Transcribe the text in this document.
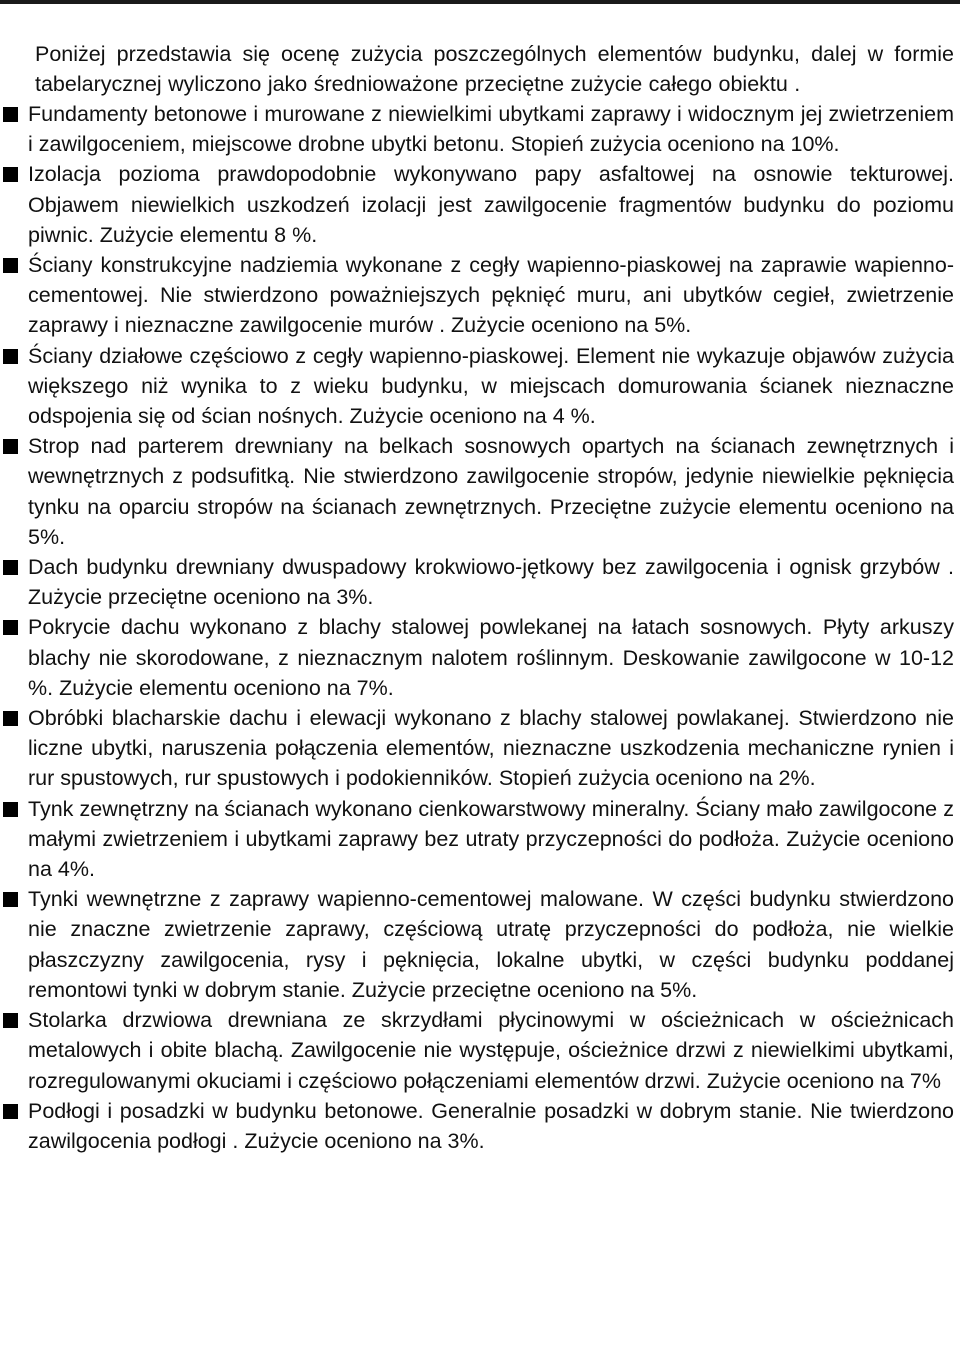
Poniżej przedstawia się ocenę zużycia poszczególnych elementów budynku, dalej w formie tabelarycznej wyliczono jako średnioważone przeciętne zużycie całego obiektu .

Fundamenty betonowe i murowane z niewielkimi ubytkami zaprawy i widocznym jej zwietrzeniem i zawilgoceniem, miejscowe drobne ubytki betonu. Stopień zużycia oceniono na 10%.
Izolacja pozioma prawdopodobnie wykonywano papy asfaltowej na osnowie tekturowej. Objawem niewielkich uszkodzeń izolacji jest zawilgocenie fragmentów budynku do poziomu piwnic. Zużycie elementu 8 %.
Ściany konstrukcyjne nadziemia wykonane z cegły wapienno-piaskowej na zaprawie wapienno-cementowej. Nie stwierdzono poważniejszych pęknięć muru, ani ubytków cegieł, zwietrzenie zaprawy i nieznaczne zawilgocenie murów . Zużycie oceniono na 5%.
Ściany działowe częściowo z cegły wapienno-piaskowej. Element nie wykazuje objawów zużycia większego niż wynika to z wieku budynku, w miejscach domurowania ścianek nieznaczne odspojenia się od ścian nośnych. Zużycie oceniono na 4 %.
Strop nad parterem drewniany na belkach sosnowych opartych na ścianach zewnętrznych i wewnętrznych z podsufitką. Nie stwierdzono zawilgocenie stropów, jedynie niewielkie pęknięcia tynku na oparciu stropów na ścianach zewnętrznych. Przeciętne zużycie elementu oceniono na 5%.
Dach budynku drewniany dwuspadowy krokwiowo-jętkowy bez zawilgocenia i ognisk grzybów . Zużycie przeciętne oceniono na 3%.
Pokrycie dachu wykonano z blachy stalowej powlekanej na łatach sosnowych. Płyty arkuszy blachy nie skorodowane, z nieznacznym nalotem roślinnym. Deskowanie zawilgocone w 10-12 %. Zużycie elementu oceniono na 7%.
Obróbki blacharskie dachu i elewacji wykonano z blachy stalowej powlakanej. Stwierdzono nie liczne ubytki, naruszenia połączenia elementów, nieznaczne uszkodzenia mechaniczne rynien i rur spustowych, rur spustowych i podokienników. Stopień zużycia oceniono na 2%.
Tynk zewnętrzny na ścianach wykonano cienkowarstwowy mineralny. Ściany mało zawilgocone z małymi zwietrzeniem i ubytkami zaprawy bez utraty przyczepności do podłoża. Zużycie oceniono na 4%.
Tynki wewnętrzne z zaprawy wapienno-cementowej malowane. W części budynku stwierdzono nie znaczne zwietrzenie zaprawy, częściową utratę przyczepności do podłoża, nie wielkie płaszczyzny zawilgocenia, rysy i pęknięcia, lokalne ubytki, w części budynku poddanej remontowi tynki w dobrym stanie. Zużycie przeciętne oceniono na 5%.
Stolarka drzwiowa drewniana ze skrzydłami płycinowymi w ościeżnicach w ościeżnicach metalowych i obite blachą. Zawilgocenie nie występuje, ościeżnice drzwi z niewielkimi ubytkami, rozregulowanymi okuciami i częściowo połączeniami elementów drzwi. Zużycie oceniono na 7%
Podłogi i posadzki w budynku betonowe. Generalnie posadzki w dobrym stanie. Nie twierdzono zawilgocenia podłogi . Zużycie oceniono na 3%.
